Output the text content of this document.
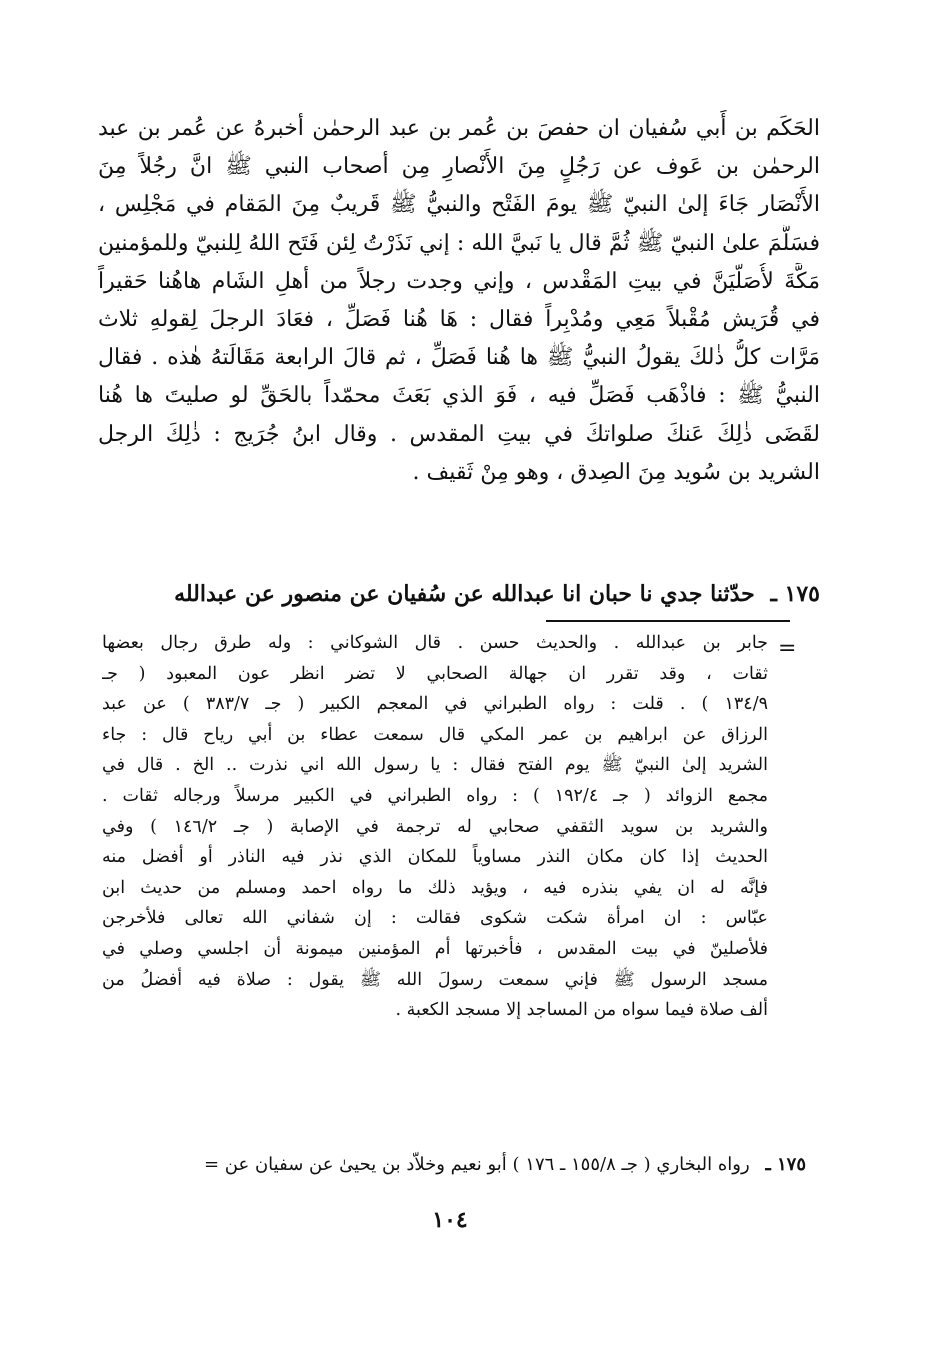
الحَكَم بن أَبي سُفيان ان حفصَ بن عُمر بن عبد الرحمٰن أخبرهُ عن عُمر بن عبد
الرحمٰن بن عَوف عن رَجُلٍ مِنَ الأَنْصارِ مِن أصحاب النبي ﷺ انَّ رجُلاً مِنَ
الأَنْصَار جَاءَ إلىٰ النبيّ ﷺ يومَ الفَتْح والنبيُّ ﷺ قَريبٌ مِنَ المَقام في مَجْلِس ،
فسَلَّمَ علىٰ النبيّ ﷺ ثُمَّ قال يا نَبيَّ الله : إني نَذَرْتُ لِئن فَتَح اللهُ لِلنبيّ وللمؤمنين
مَكَّةَ لأُصَلّيَنَّ في بيتِ المَقْدس ، وإني وجدت رجلاً من أهلِ الشَام هاهُنا حَقيراً
في قُرَيش مُقْبلاً مَعِي ومُدْبِراً فقال : هَا هُنا فَصَلِّ ، فعَادَ الرجلَ لِقولهِ ثلاث
مَرَّات كلُّ ذٰلكَ يقولُ النبيُّ ﷺ ها هُنا فَصَلِّ ، ثم قالَ الرابعة مَقَالَتهُ هٰذه . فقال
النبيُّ ﷺ : فاذْهَب فَصَلِّ فيه ، فَوَ الذي بَعَثَ محمّداً بالحَقِّ لو صليتَ ها هُنا
لقَضَى ذٰلِكَ عَنكَ صلواتكَ في بيتِ المقدس . وقال ابنُ جُرَيج : ذٰلِكَ الرجل
الشريد بن سُويد مِنَ الصِدق ، وهو مِنْ ثَقيف .
١٧٥ ـ حدّثنا جدي نا حبان انا عبدالله عن سُفيان عن منصور عن عبدالله
=
جابر بن عبدالله . والحديث حسن . قال الشوكاني : وله طرق رجال بعضها
ثقات ، وقد تقرر ان جهالة الصحابي لا تضر انظر عون المعبود ( جـ
١٣٤/٩ ) . قلت : رواه الطبراني في المعجم الكبير ( جـ ٣٨٣/٧ ) عن عبد
الرزاق عن ابراهيم بن عمر المكي قال سمعت عطاء بن أبي رياح قال : جاء
الشريد إلىٰ النبيّ ﷺ يوم الفتح فقال : يا رسول الله اني نذرت .. الخ . قال في
مجمع الزوائد ( جـ ١٩٢/٤ ) : رواه الطبراني في الكبير مرسلاً ورجاله ثقات .
والشريد بن سويد الثقفي صحابي له ترجمة في الإصابة ( جـ ١٤٦/٢ ) وفي
الحديث إذا كان مكان النذر مساوياً للمكان الذي نذر فيه الناذر أو أفضل منه
فإنَّه له ان يفي بنذره فيه ، ويؤيد ذلك ما رواه احمد ومسلم من حديث ابن
عبّاس : ان امرأة شكت شكوى فقالت : إن شفاني الله تعالى فلأخرجن
فلأصلينّ في بيت المقدس ، فأخبرتها أم المؤمنين ميمونة أن اجلسي وصلي في
مسجد الرسول ﷺ فإني سمعت رسولَ الله ﷺ يقول : صلاة فيه أفضلُ من
ألف صلاة فيما سواه من المساجد إلا مسجد الكعبة .
١٧٥ ـ رواه البخاري ( جـ ١٥٥/٨ ـ ١٧٦ ) أبو نعيم وخلاّد بن يحيىٰ عن سفيان عن =
١٠٤
